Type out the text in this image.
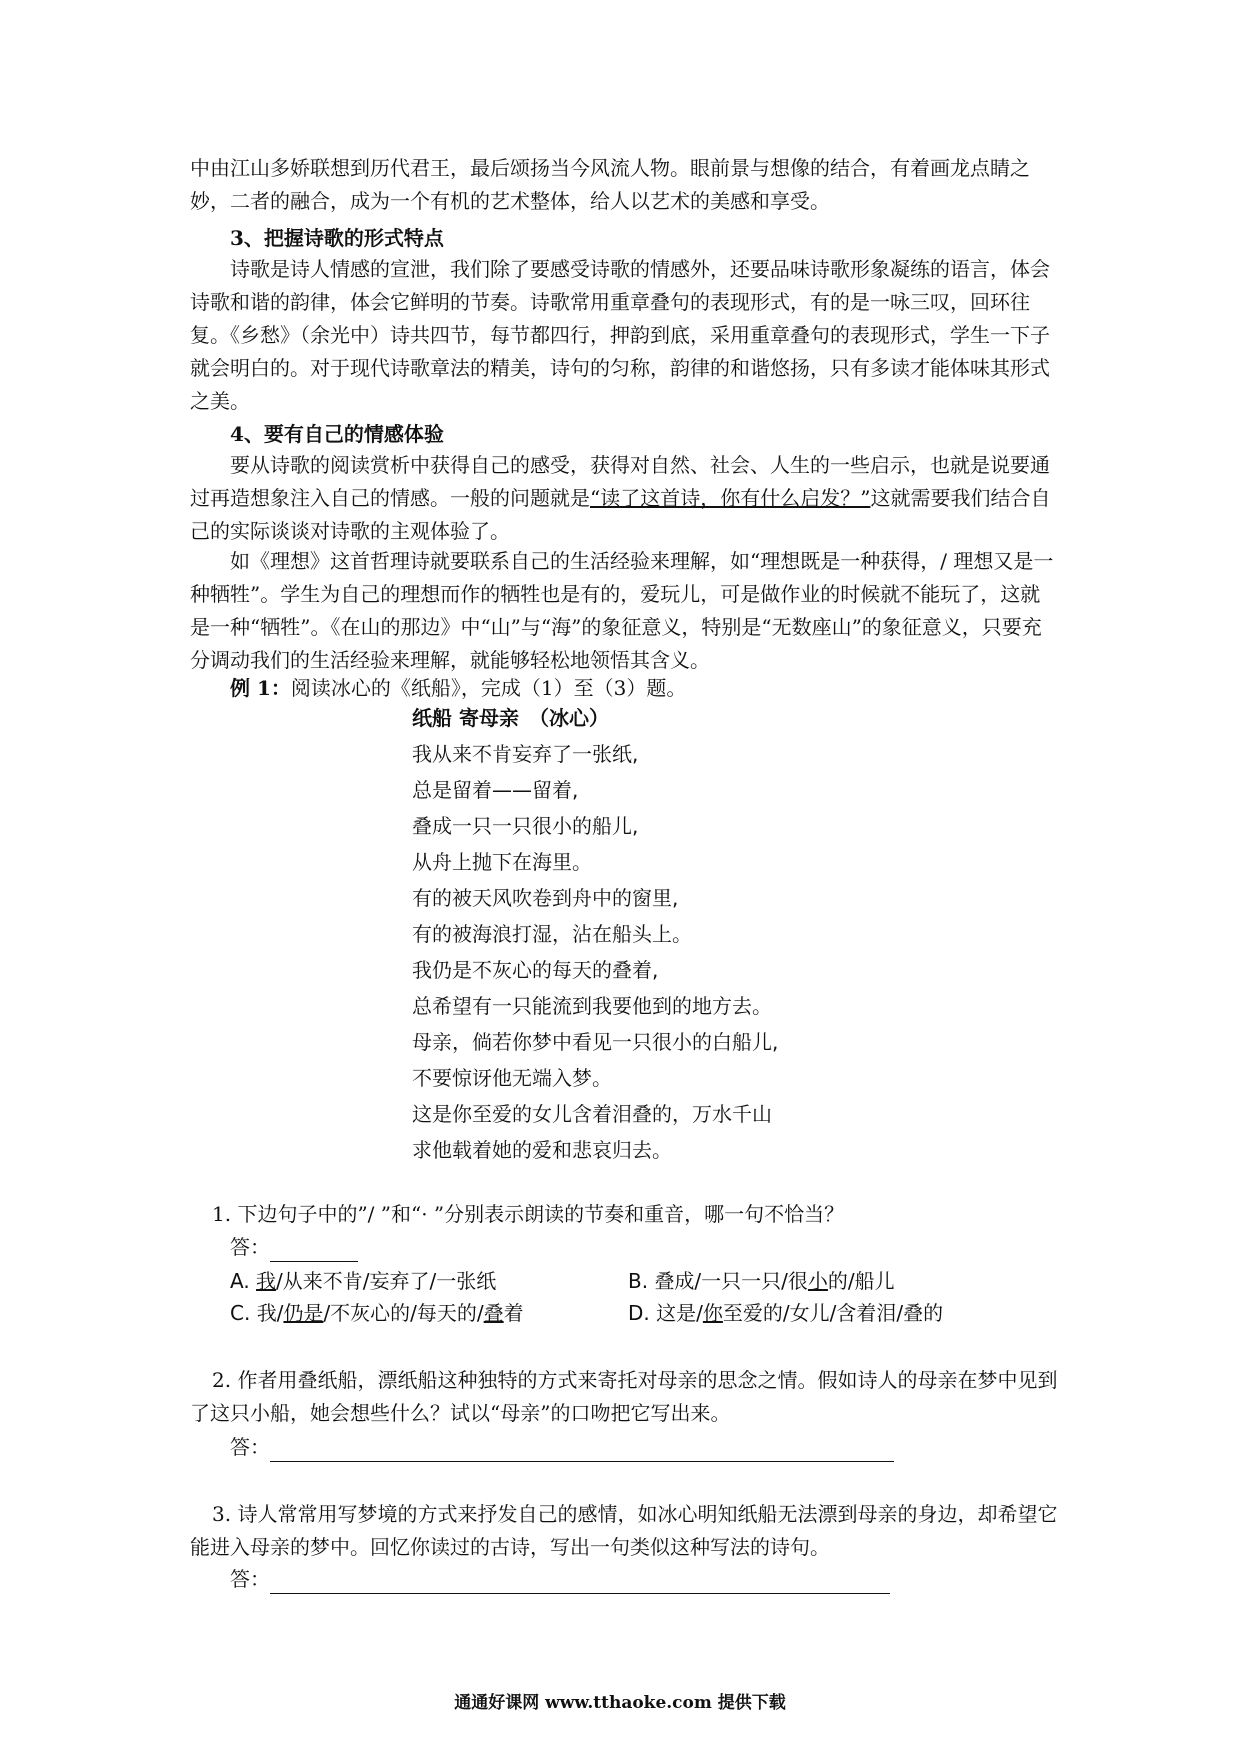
中由江山多娇联想到历代君王，最后颂扬当今风流人物。眼前景与想像的结合，有着画龙点睛之妙，二者的融合，成为一个有机的艺术整体，给人以艺术的美感和享受。

3、把握诗歌的形式特点

诗歌是诗人情感的宣泄，我们除了要感受诗歌的情感外，还要品味诗歌形象凝练的语言，体会诗歌和谐的韵律，体会它鲜明的节奏。诗歌常用重章叠句的表现形式，有的是一咏三叹，回环往复。《乡愁》（余光中）诗共四节，每节都四行，押韵到底，采用重章叠句的表现形式，学生一下子就会明白的。对于现代诗歌章法的精美，诗句的匀称，韵律的和谐悠扬，只有多读才能体味其形式之美。

4、要有自己的情感体验

要从诗歌的阅读赏析中获得自己的感受，获得对自然、社会、人生的一些启示，也就是说要通过再造想象注入自己的情感。一般的问题就是“读了这首诗，你有什么启发？”这就需要我们结合自己的实际谈谈对诗歌的主观体验了。

如《理想》这首哲理诗就要联系自己的生活经验来理解，如“理想既是一种获得，/ 理想又是一种牺牲”。学生为自己的理想而作的牺牲也是有的，爱玩儿，可是做作业的时候就不能玩了，这就是一种“牺牲”。《在山的那边》中“山”与“海”的象征意义，特别是“无数座山”的象征意义，只要充分调动我们的生活经验来理解，就能够轻松地领悟其含义。

例 1：阅读冰心的《纸船》，完成（1）至（3）题。

纸船 寄母亲　（冰心）
我从来不肯妄弃了一张纸,
总是留着——留着,
叠成一只一只很小的船儿,
从舟上抛下在海里。
有的被天风吹卷到舟中的窗里,
有的被海浪打湿，沾在船头上。
我仍是不灰心的每天的叠着,
总希望有一只能流到我要他到的地方去。
母亲，倘若你梦中看见一只很小的白船儿,
不要惊讶他无端入梦。
这是你至爱的女儿含着泪叠的，万水千山
求他载着她的爱和悲哀归去。

1. 下边句子中的”/ ”和“· ”分别表示朗读的节奏和重音，哪一句不恰当？

答：
A. 我/从来不肯/妄弃了/一张纸	B. 叠成/一只一只/很小的/船儿
C. 我/仍是/不灰心的/每天的/叠着	D. 这是/你至爱的/女儿/含着泪/叠的

2. 作者用叠纸船，漂纸船这种独特的方式来寄托对母亲的思念之情。假如诗人的母亲在梦中见到了这只小船，她会想些什么？试以“母亲”的口吻把它写出来。

答：

3. 诗人常常用写梦境的方式来抒发自己的感情，如冰心明知纸船无法漂到母亲的身边，却希望它能进入母亲的梦中。回忆你读过的古诗，写出一句类似这种写法的诗句。

答：
通通好课网 www.tthaoke.com 提供下载
